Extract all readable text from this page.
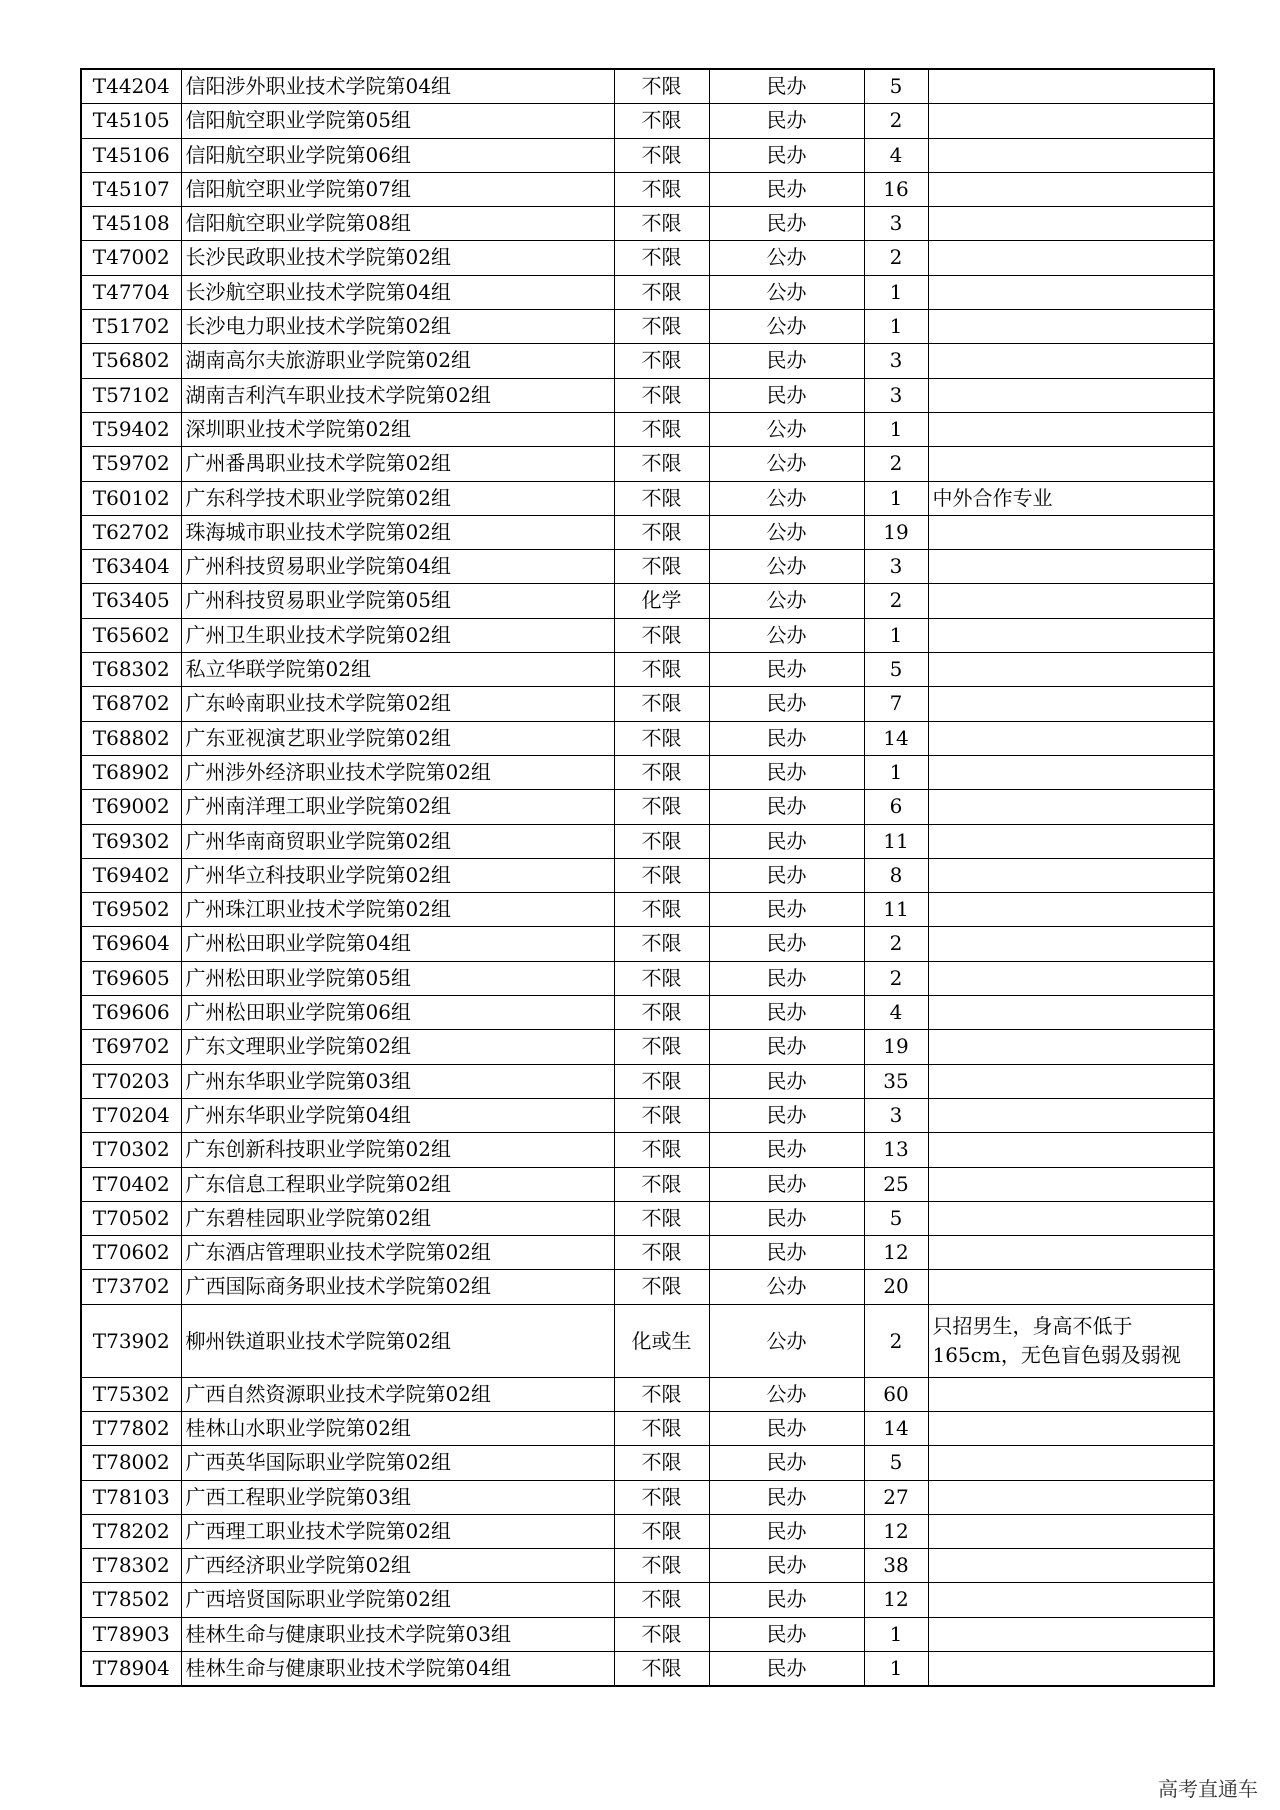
T44204	信阳涉外职业技术学院第04组	不限	民办	5	
T45105	信阳航空职业学院第05组	不限	民办	2	
T45106	信阳航空职业学院第06组	不限	民办	4	
T45107	信阳航空职业学院第07组	不限	民办	16	
T45108	信阳航空职业学院第08组	不限	民办	3	
T47002	长沙民政职业技术学院第02组	不限	公办	2	
T47704	长沙航空职业技术学院第04组	不限	公办	1	
T51702	长沙电力职业技术学院第02组	不限	公办	1	
T56802	湖南高尔夫旅游职业学院第02组	不限	民办	3	
T57102	湖南吉利汽车职业技术学院第02组	不限	民办	3	
T59402	深圳职业技术学院第02组	不限	公办	1	
T59702	广州番禺职业技术学院第02组	不限	公办	2	
T60102	广东科学技术职业学院第02组	不限	公办	1	中外合作专业
T62702	珠海城市职业技术学院第02组	不限	公办	19	
T63404	广州科技贸易职业学院第04组	不限	公办	3	
T63405	广州科技贸易职业学院第05组	化学	公办	2	
T65602	广州卫生职业技术学院第02组	不限	公办	1	
T68302	私立华联学院第02组	不限	民办	5	
T68702	广东岭南职业技术学院第02组	不限	民办	7	
T68802	广东亚视演艺职业学院第02组	不限	民办	14	
T68902	广州涉外经济职业技术学院第02组	不限	民办	1	
T69002	广州南洋理工职业学院第02组	不限	民办	6	
T69302	广州华南商贸职业学院第02组	不限	民办	11	
T69402	广州华立科技职业学院第02组	不限	民办	8	
T69502	广州珠江职业技术学院第02组	不限	民办	11	
T69604	广州松田职业学院第04组	不限	民办	2	
T69605	广州松田职业学院第05组	不限	民办	2	
T69606	广州松田职业学院第06组	不限	民办	4	
T69702	广东文理职业学院第02组	不限	民办	19	
T70203	广州东华职业学院第03组	不限	民办	35	
T70204	广州东华职业学院第04组	不限	民办	3	
T70302	广东创新科技职业学院第02组	不限	民办	13	
T70402	广东信息工程职业学院第02组	不限	民办	25	
T70502	广东碧桂园职业学院第02组	不限	民办	5	
T70602	广东酒店管理职业技术学院第02组	不限	民办	12	
T73702	广西国际商务职业技术学院第02组	不限	公办	20	
T73902	柳州铁道职业技术学院第02组	化或生	公办	2	只招男生，身高不低于165cm，无色盲色弱及弱视
T75302	广西自然资源职业技术学院第02组	不限	公办	60	
T77802	桂林山水职业学院第02组	不限	民办	14	
T78002	广西英华国际职业学院第02组	不限	民办	5	
T78103	广西工程职业学院第03组	不限	民办	27	
T78202	广西理工职业技术学院第02组	不限	民办	12	
T78302	广西经济职业学院第02组	不限	民办	38	
T78502	广西培贤国际职业学院第02组	不限	民办	12	
T78903	桂林生命与健康职业技术学院第03组	不限	民办	1	
T78904	桂林生命与健康职业技术学院第04组	不限	民办	1	
高考直通车
